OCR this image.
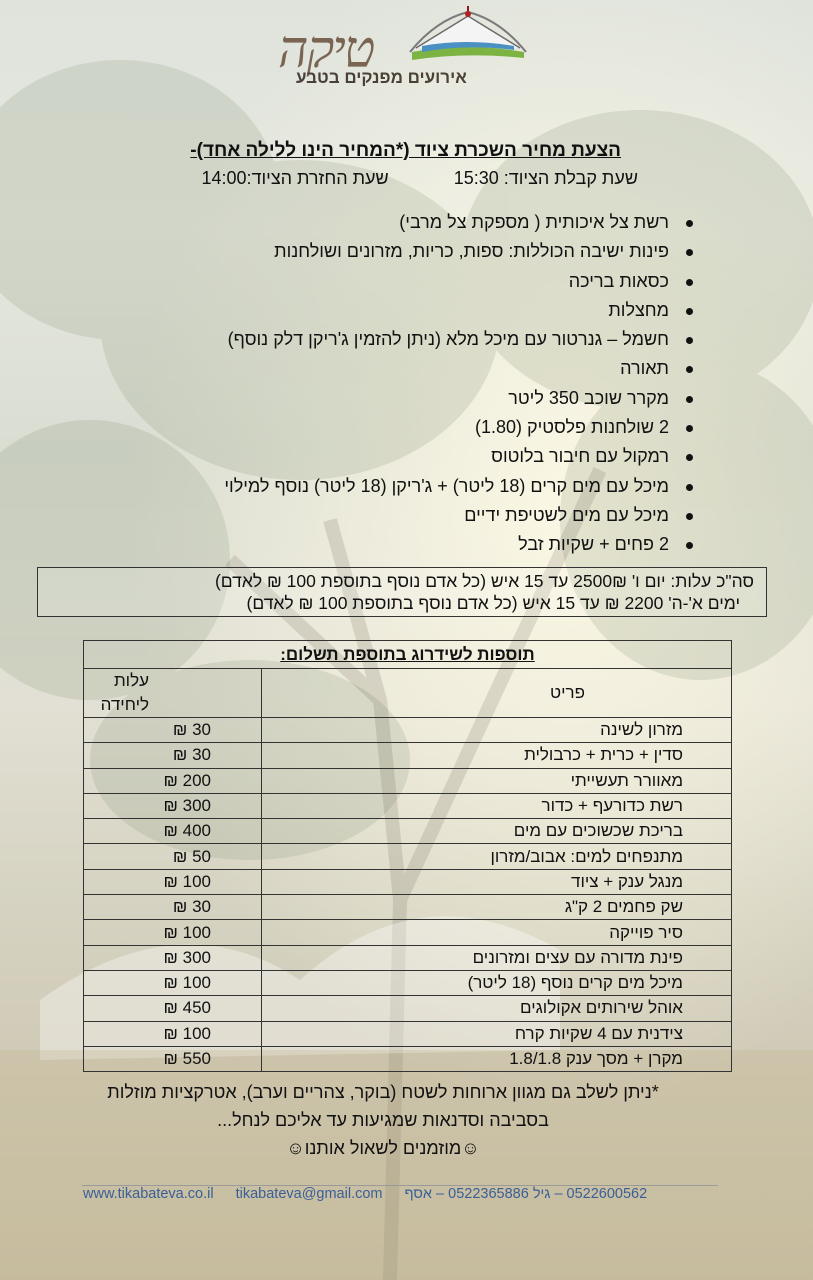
טיקה
אירועים מפנקים בטבע
הצעת מחיר השכרת ציוד (*המחיר הינו ללילה אחד)-
שעת קבלת הציוד: 15:30 שעת החזרת הציוד:14:00
רשת צל איכותית ( מספקת צל מרבי)
פינות ישיבה הכוללות: ספות, כריות, מזרונים ושולחנות
כסאות בריכה
מחצלות
חשמל – גנרטור עם מיכל מלא (ניתן להזמין ג'ריקן דלק נוסף)
תאורה
מקרר שוכב 350 ליטר
2 שולחנות פלסטיק (1.80)
רמקול עם חיבור בלוטוס
מיכל עם מים קרים (18 ליטר) + ג'ריקן (18 ליטר) נוסף למילוי
מיכל עם מים לשטיפת ידיים
2 פחים + שקיות זבל
סה"כ עלות: יום ו' 2500₪ עד 15 איש (כל אדם נוסף בתוספת 100 ₪ לאדם)
ימים א'-ה' 2200 ₪ עד 15 איש (כל אדם נוסף בתוספת 100 ₪ לאדם)
תוספות לשידרוג בתוספת תשלום:	
פריט	עלות ליחידה
מזרון לשינה	30 ₪
סדין + כרית + כרבולית	30 ₪
מאוורר תעשייתי	200 ₪
רשת כדורעף + כדור	300 ₪
בריכת שכשוכים עם מים	400 ₪
מתנפחים למים: אבוב/מזרון	50 ₪
מנגל ענק + ציוד	100 ₪
שק פחמים 2 ק"ג	30 ₪
סיר פוייקה	100 ₪
פינת מדורה עם עצים ומזרונים	300 ₪
מיכל מים קרים נוסף (18 ליטר)	100 ₪
אוהל שירותים אקולוגים	450 ₪
צידנית עם 4 שקיות קרח	100 ₪
מקרן + מסך ענק 1.8/1.8	550 ₪
*ניתן לשלב גם מגוון ארוחות לשטח (בוקר, צהריים וערב), אטרקציות מוזלות
בסביבה וסדנאות שמגיעות עד אליכם לנחל...
☺מוזמנים לשאול אותנו☺
www.tikabateva.co.il tikabateva@gmail.com 0522600562 – גיל 0522365886 – אסף
